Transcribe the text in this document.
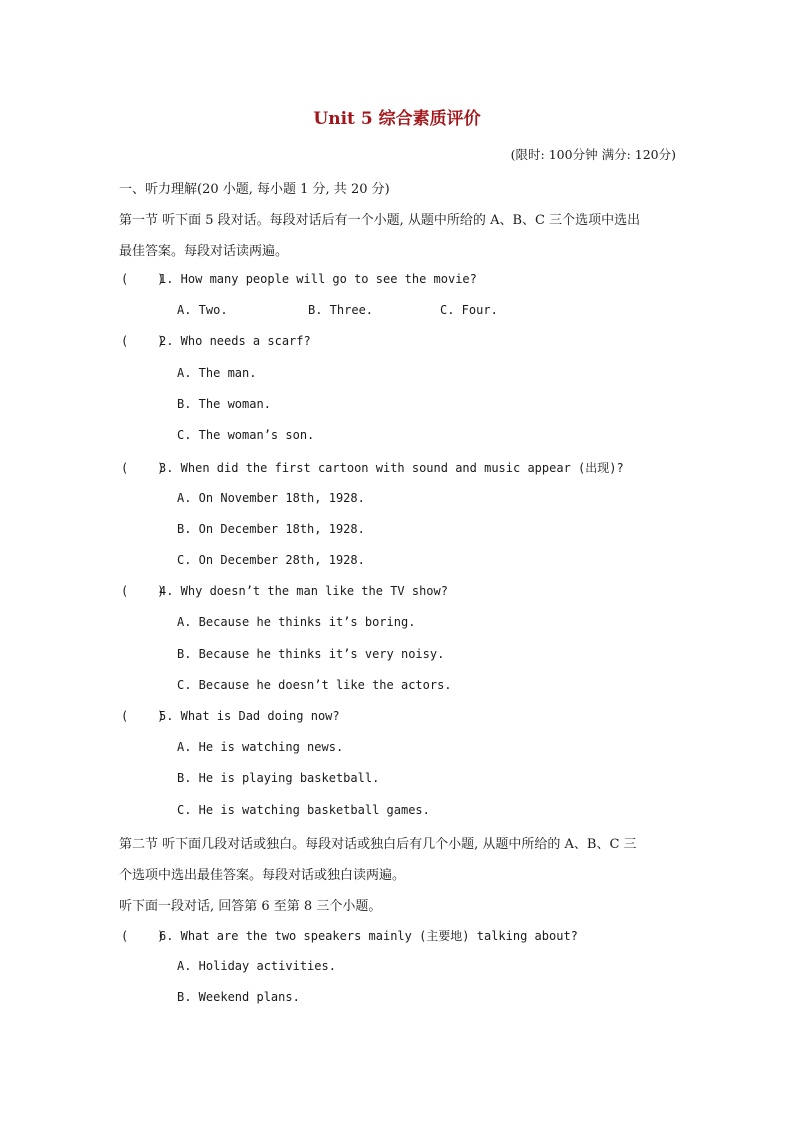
Unit 5 综合素质评价
(限时: 100分钟 满分: 120分)
一、听力理解(20 小题, 每小题 1 分, 共 20 分)
第一节 听下面 5 段对话。每段对话后有一个小题, 从题中所给的 A、B、C 三个选项中选出
最佳答案。每段对话读两遍。
(    )1. How many people will go to see the movie?
A. Two.	B. Three.	C. Four.
(    )2. Who needs a scarf?
A. The man.
B. The woman.
C. The woman’s son.
(    )3. When did the first cartoon with sound and music appear (出现)?
A. On November 18th, 1928.
B. On December 18th, 1928.
C. On December 28th, 1928.
(    )4. Why doesn’t the man like the TV show?
A. Because he thinks it’s boring.
B. Because he thinks it’s very noisy.
C. Because he doesn’t like the actors.
(    )5. What is Dad doing now?
A. He is watching news.
B. He is playing basketball.
C. He is watching basketball games.
第二节 听下面几段对话或独白。每段对话或独白后有几个小题, 从题中所给的 A、B、C 三
个选项中选出最佳答案。每段对话或独白读两遍。
听下面一段对话, 回答第 6 至第 8 三个小题。
(    )6. What are the two speakers mainly (主要地) talking about?
A. Holiday activities.
B. Weekend plans.
